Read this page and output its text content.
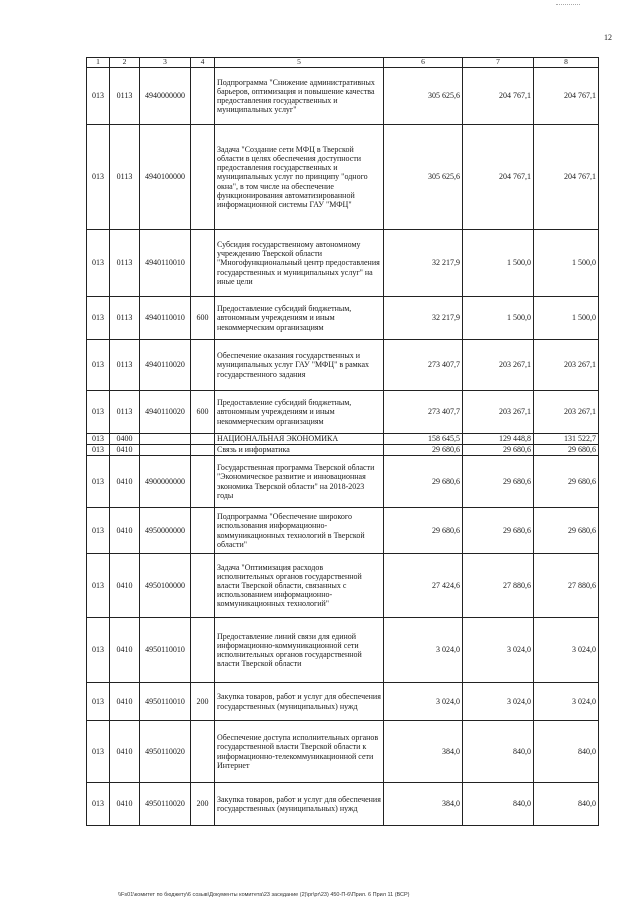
12
1	2	3	4	5	6	7	8
013	0113	4940000000		Подпрограмма "Снижение административных барьеров, оптимизация и повышение качества предоставления государственных и муниципальных услуг"	305 625,6	204 767,1	204 767,1
013	0113	4940100000		Задача "Создание сети МФЦ в Тверской области в целях обеспечения доступности предоставления государственных и муниципальных услуг по принципу "одного окна", в том числе на обеспечение функционирования автоматизированной информационной системы ГАУ "МФЦ"	305 625,6	204 767,1	204 767,1
013	0113	4940110010		Субсидия государственному автономному учреждению Тверской области "Многофункциональный центр предоставления государственных и муниципальных услуг" на иные цели	32 217,9	1 500,0	1 500,0
013	0113	4940110010	600	Предоставление субсидий бюджетным, автономным учреждениям и иным некоммерческим организациям	32 217,9	1 500,0	1 500,0
013	0113	4940110020		Обеспечение оказания государственных и муниципальных услуг ГАУ "МФЦ" в рамках государственного задания	273 407,7	203 267,1	203 267,1
013	0113	4940110020	600	Предоставление субсидий бюджетным, автономным учреждениям и иным некоммерческим организациям	273 407,7	203 267,1	203 267,1
013	0400			НАЦИОНАЛЬНАЯ ЭКОНОМИКА	158 645,5	129 448,8	131 522,7
013	0410			Связь и информатика	29 680,6	29 680,6	29 680,6
013	0410	4900000000		Государственная программа Тверской области "Экономическое развитие и инновационная экономика Тверской области" на 2018-2023 годы	29 680,6	29 680,6	29 680,6
013	0410	4950000000		Подпрограмма "Обеспечение широкого использования информационно-коммуникационных технологий в Тверской области"	29 680,6	29 680,6	29 680,6
013	0410	4950100000		Задача "Оптимизация расходов исполнительных органов государственной власти Тверской области, связанных с использованием информационно-коммуникационных технологий"	27 424,6	27 880,6	27 880,6
013	0410	4950110010		Предоставление линий связи для единой информационно-коммуникационной сети исполнительных органов государственной власти Тверской области	3 024,0	3 024,0	3 024,0
013	0410	4950110010	200	Закупка товаров, работ и услуг для обеспечения государственных (муниципальных) нужд	3 024,0	3 024,0	3 024,0
013	0410	4950110020		Обеспечение доступа исполнительных органов государственной власти Тверской области к информационно-телекоммуникационной сети Интернет	384,0	840,0	840,0
013	0410	4950110020	200	Закупка товаров, работ и услуг для обеспечения государственных (муниципальных) нужд	384,0	840,0	840,0
\\Fs01\комитет по бюджету\6 созыв\Документы комитета\23 заседание (2)\pr\pr\23) 450-П-6\Прил. 6 Прил 11 (ВСР)
